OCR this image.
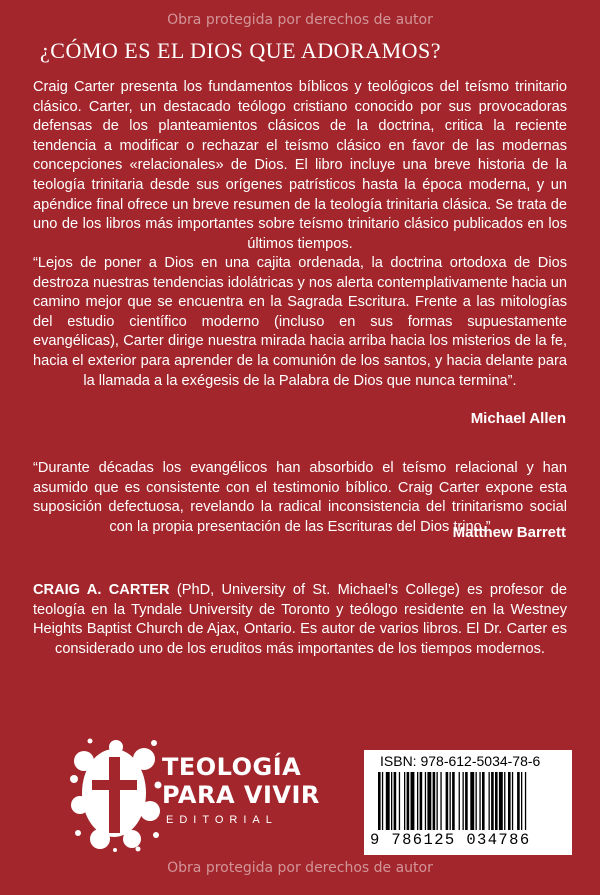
Obra protegida por derechos de autor
¿CÓMO ES EL DIOS QUE ADORAMOS?

Craig Carter presenta los fundamentos bíblicos y teológicos del teísmo trinitario clásico. Carter, un destacado teólogo cristiano conocido por sus provocadoras defensas de los planteamientos clásicos de la doctrina, critica la reciente tendencia a modificar o rechazar el teísmo clásico en favor de las modernas concepciones «relacionales» de Dios. El libro incluye una breve historia de la teología trinitaria desde sus orígenes patrísticos hasta la época moderna, y un apéndice final ofrece un breve resumen de la teología trinitaria clásica. Se trata de uno de los libros más importantes sobre teísmo trinitario clásico publicados en los últimos tiempos.

“Lejos de poner a Dios en una cajita ordenada, la doctrina ortodoxa de Dios destroza nuestras tendencias idolátricas y nos alerta contemplativamente hacia un camino mejor que se encuentra en la Sagrada Escritura. Frente a las mitologías del estudio científico moderno (incluso en sus formas supuestamente evangélicas), Carter dirige nuestra mirada hacia arriba hacia los misterios de la fe, hacia el exterior para aprender de la comunión de los santos, y hacia delante para la llamada a la exégesis de la Palabra de Dios que nunca termina”.

Michael Allen

“Durante décadas los evangélicos han absorbido el teísmo relacional y han asumido que es consistente con el testimonio bíblico. Craig Carter expone esta suposición defectuosa, revelando la radical inconsistencia del trinitarismo social con la propia presentación de las Escrituras del Dios trino.”

Matthew Barrett

CRAIG A. CARTER (PhD, University of St. Michael’s College) es profesor de teología en la Tyndale University de Toronto y teólogo residente en la Westney Heights Baptist Church de Ajax, Ontario. Es autor de varios libros. El Dr. Carter es considerado uno de los eruditos más importantes de los tiempos modernos.

TEOLOGÍA
PARA VIVIR
EDITORIAL
ISBN: 978-612-5034-78-6
9 786125 034786
Obra protegida por derechos de autor
